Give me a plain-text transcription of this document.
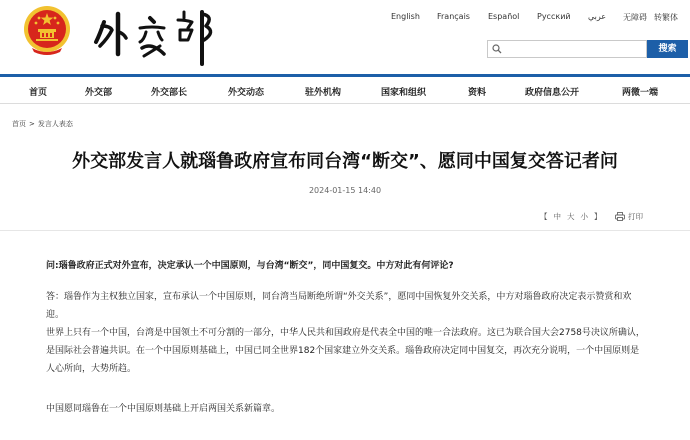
English Français Español Русский عربي 无障碍 转繁体
搜索
首页	外交部	外交部长	外交动态	驻外机构	国家和组织	资料	政府信息公开	两微一端
首页 > 发言人表态
外交部发言人就瑙鲁政府宣布同台湾“断交”、愿同中国复交答记者问
2024-01-15 14:40
【 中 大 小 】	打印

问:瑙鲁政府正式对外宣布，决定承认一个中国原则，与台湾“断交”，同中国复交。中方对此有何评论?

答：瑙鲁作为主权独立国家，宣布承认一个中国原则，同台湾当局断绝所谓“外交关系”，愿同中国恢复外交关系，中方对瑙鲁政府决定表示赞赏和欢迎。

世界上只有一个中国，台湾是中国领土不可分割的一部分，中华人民共和国政府是代表全中国的唯一合法政府。这已为联合国大会2758号决议所确认，是国际社会普遍共识。在一个中国原则基础上，中国已同全世界182个国家建立外交关系。瑙鲁政府决定同中国复交，再次充分说明，一个中国原则是人心所向，大势所趋。

中国愿同瑙鲁在一个中国原则基础上开启两国关系新篇章。
